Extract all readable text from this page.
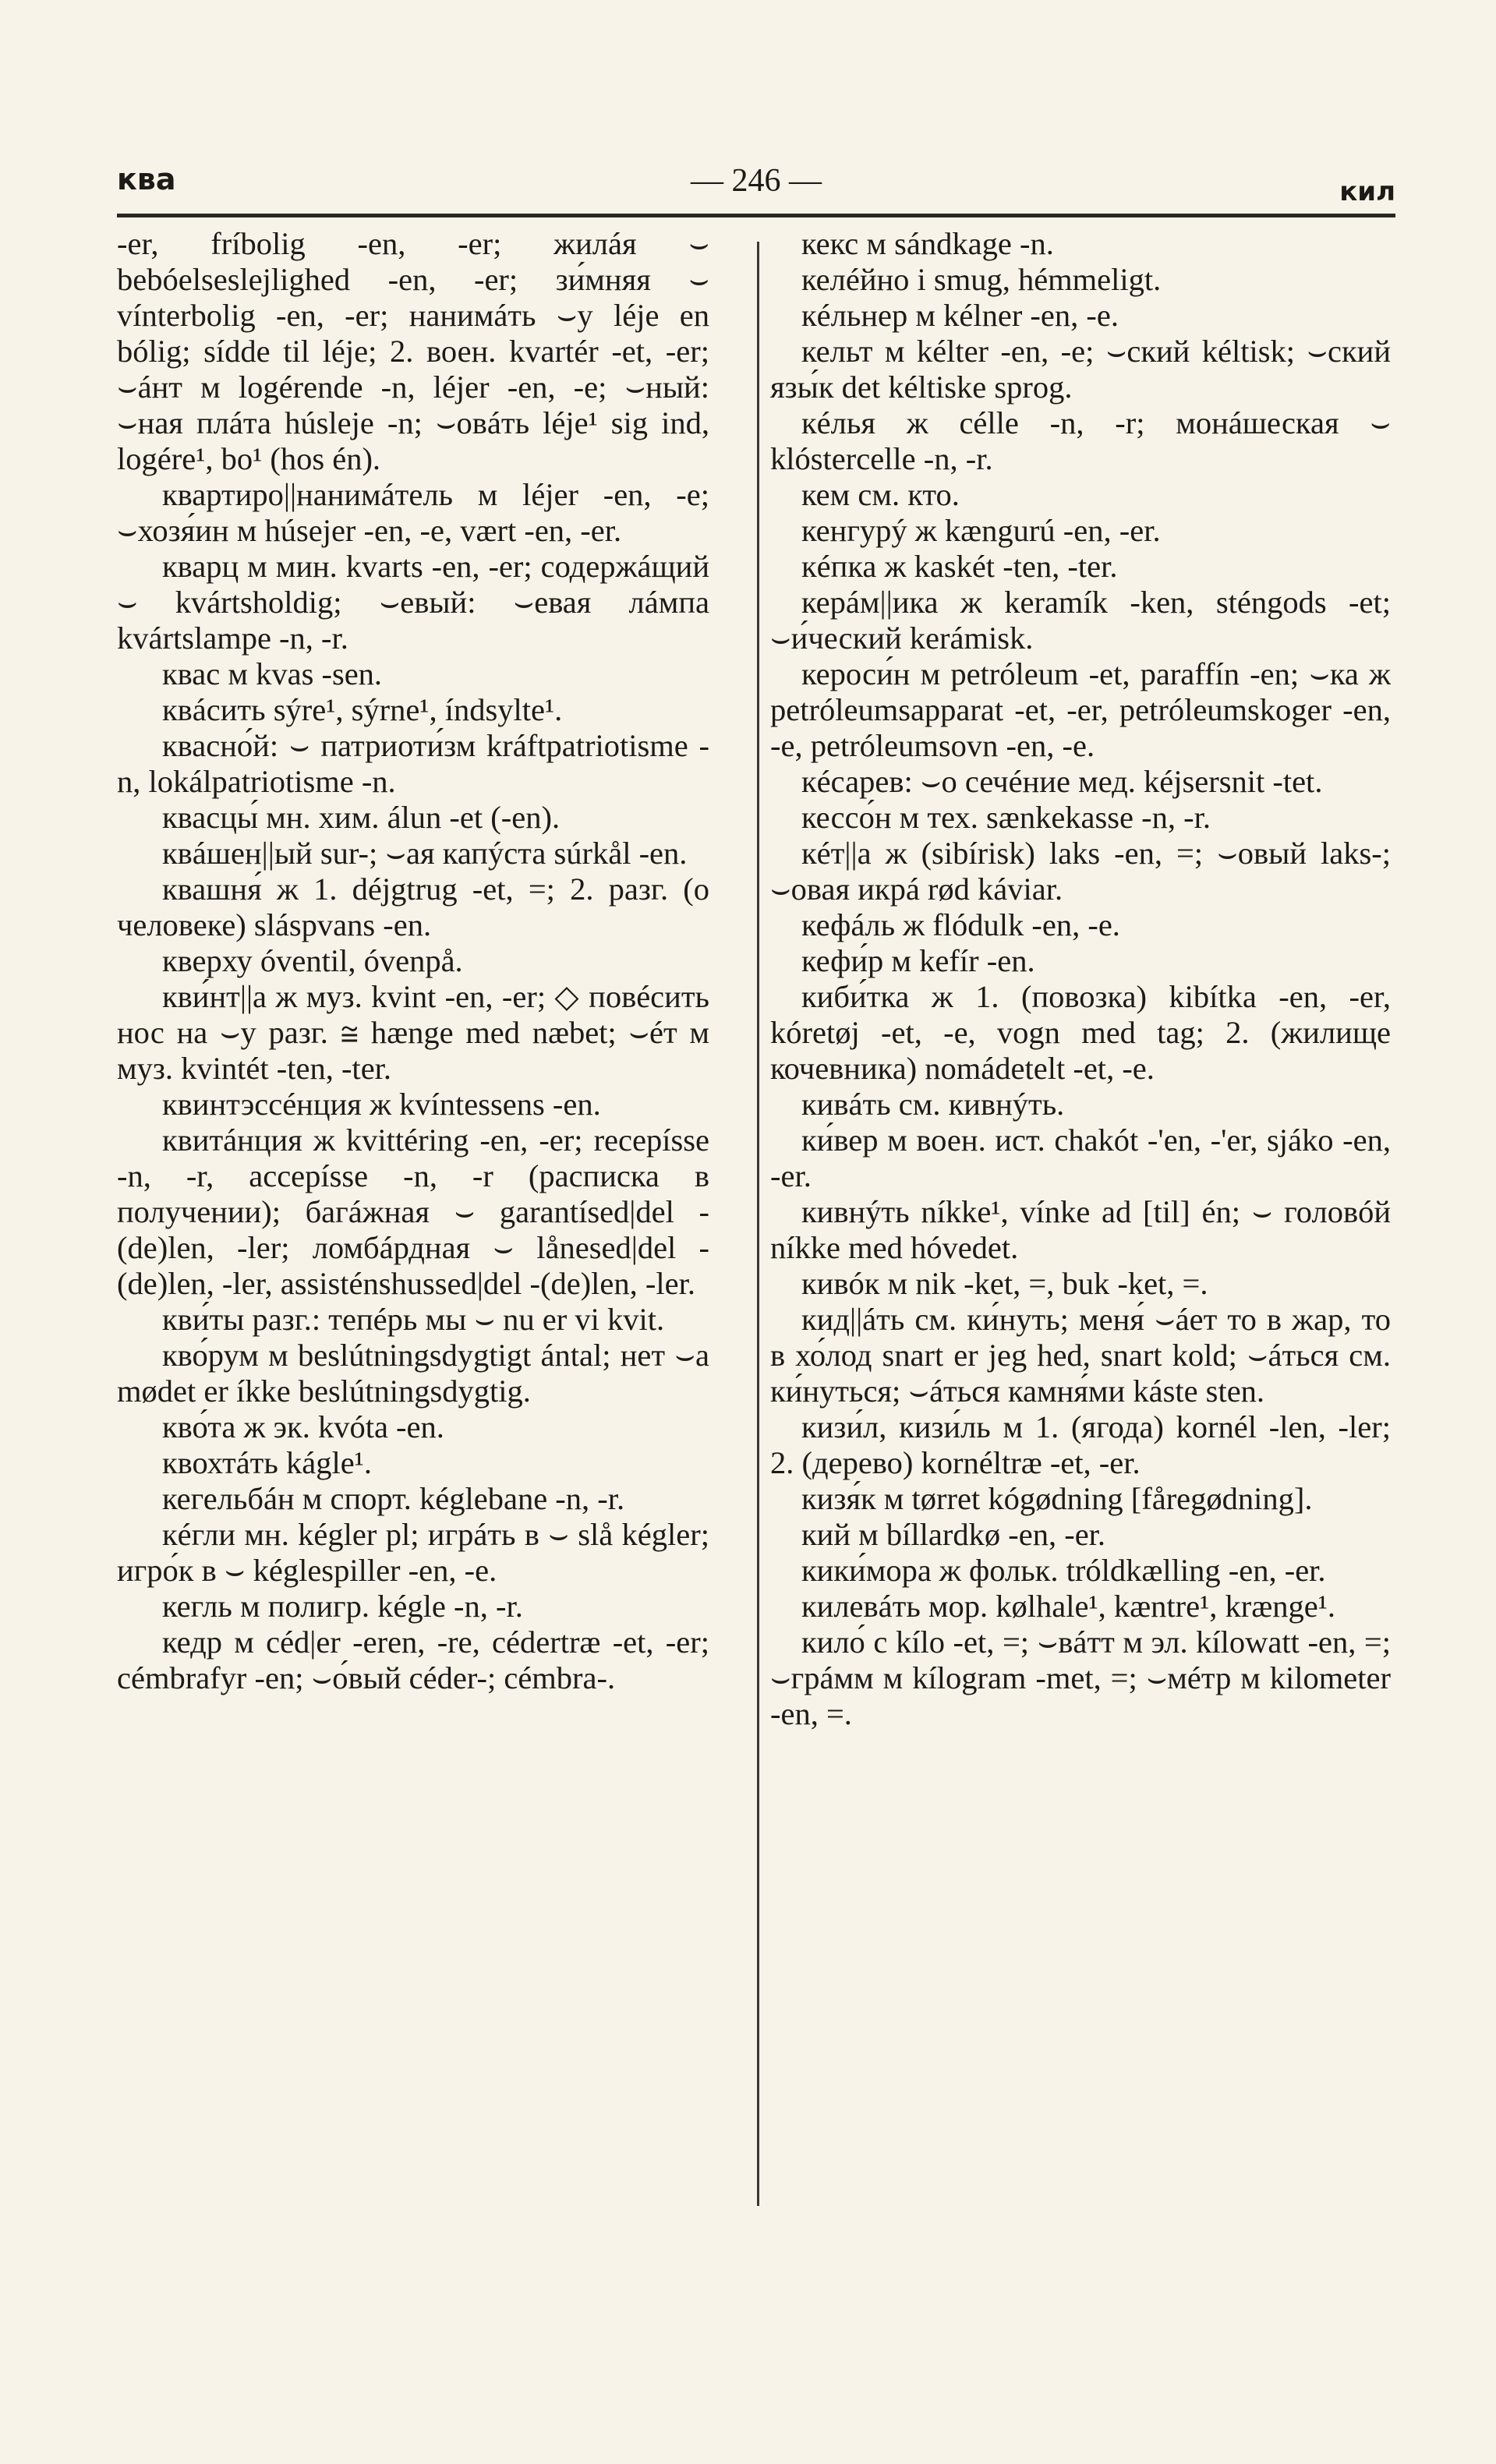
ква	— 246 —	кил

-er, fríbolig -en, -er; жилáя ⌣ bebóelseslejlighed -en, -er; зи́мняя ⌣ vínterbolig -en, -er; нанимáть ⌣у léje en bólig; sídde til léje; 2. воен. kvartér -et, -er; ⌣áнт м logérende -n, léjer -en, -e; ⌣ный: ⌣ная плáта húsleje -n; ⌣овáть léje¹ sig ind, logére¹, bo¹ (hos én).

квартиро||нанимáтель м léjer -en, -e; ⌣хозя́ин м húsejer -en, -e, vært -en, -er.

кварц м мин. kvarts -en, -er; содержáщий ⌣ kvártsholdig; ⌣евый: ⌣евая лáмпа kvártslampe -n, -r.

квас м kvas -sen.

квáсить sýre¹, sýrne¹, índsylte¹.

квасно́й: ⌣ патриоти́зм kráftpatriotisme -n, lokálpatriotisme -n.

квасцы́ мн. хим. álun -et (-en).

квáшен||ый sur-; ⌣ая капýста súrkål -en.

квашня́ ж 1. déjgtrug -et, =; 2. разг. (о человеке) sláspvans -en.

кверху óventil, óvenpå.

кви́нт||а ж муз. kvint -en, -er; ◇ повéсить нос на ⌣у разг. ≅ hænge med næbet; ⌣éт м муз. kvintét -ten, -ter.

квинтэссéнция ж kvíntessens -en.

квитáнция ж kvittéring -en, -er; recepísse -n, -r, accepísse -n, -r (расписка в получении); багáжная ⌣ garantísed|del -(de)len, -ler; ломбáрдная ⌣ lånesed|del -(de)len, -ler, assisténshussed|del -(de)len, -ler.

кви́ты разг.: тепéрь мы ⌣ nu er vi kvit.

кво́рум м beslútningsdygtigt ántal; нет ⌣а mødet er íkke beslútningsdygtig.

кво́та ж эк. kvóta -en.

квохтáть kágle¹.

кегельбáн м спорт. kéglebane -n, -r.

кéгли мн. kégler pl; игрáть в ⌣ slå kégler; игро́к в ⌣ kéglespiller -en, -e.

кегль м полигр. kégle -n, -r.

кедр м céd|er -eren, -re, cédertræ -et, -er; cémbrafyr -en; ⌣о́вый céder-; cémbra-.

кекс м sándkage -n.

келéйно i smug, hémmeligt.

кéльнер м kélner -en, -e.

кельт м kélter -en, -e; ⌣ский kéltisk; ⌣ский язы́к det kéltiske sprog.

кéлья ж célle -n, -r; монáшеская ⌣ klóstercelle -n, -r.

кем см. кто.

кенгурý ж kængurú -en, -er.

кéпка ж kaskét -ten, -ter.

керáм||ика ж keramík -ken, sténgods -et; ⌣и́ческий kerámisk.

кероси́н м petróleum -et, paraffín -en; ⌣ка ж petróleumsapparat -et, -er, petróleumskoger -en, -e, petróleumsovn -en, -e.

кéсарев: ⌣о сечéние мед. kéjsersnit -tet.

кессо́н м тех. sænkekasse -n, -r.

кéт||а ж (sibírisk) laks -en, =; ⌣овый laks-; ⌣овая икрá rød káviar.

кефáль ж flódulk -en, -e.

кефи́р м kefír -en.

киби́тка ж 1. (повозка) kibítka -en, -er, kóretøj -et, -e, vogn med tag; 2. (жилище кочевника) nomádetelt -et, -e.

кивáть см. кивнýть.

ки́вер м воен. ист. chakót -'en, -'er, sjáko -en, -er.

кивнýть níkke¹, vínke ad [til] én; ⌣ головóй níkke med hóvedet.

кивóк м nik -ket, =, buk -ket, =.

кид||áть см. ки́нуть; меня́ ⌣áет то в жар, то в хо́лод snart er jeg hed, snart kold; ⌣áться см. ки́нуться; ⌣áться камня́ми káste sten.

кизи́л, кизи́ль м 1. (ягода) kornél -len, -ler; 2. (дерево) kornéltræ -et, -er.

кизя́к м tørret kógødning [fåregødning].

кий м bíllardkø -en, -er.

кики́мора ж фольк. tróldkælling -en, -er.

килевáть мор. kølhale¹, kæntre¹, krænge¹.

кило́ с kílo -et, =; ⌣вáтт м эл. kílowatt -en, =; ⌣грáмм м kílogram -met, =; ⌣мéтр м kilometer -en, =.
